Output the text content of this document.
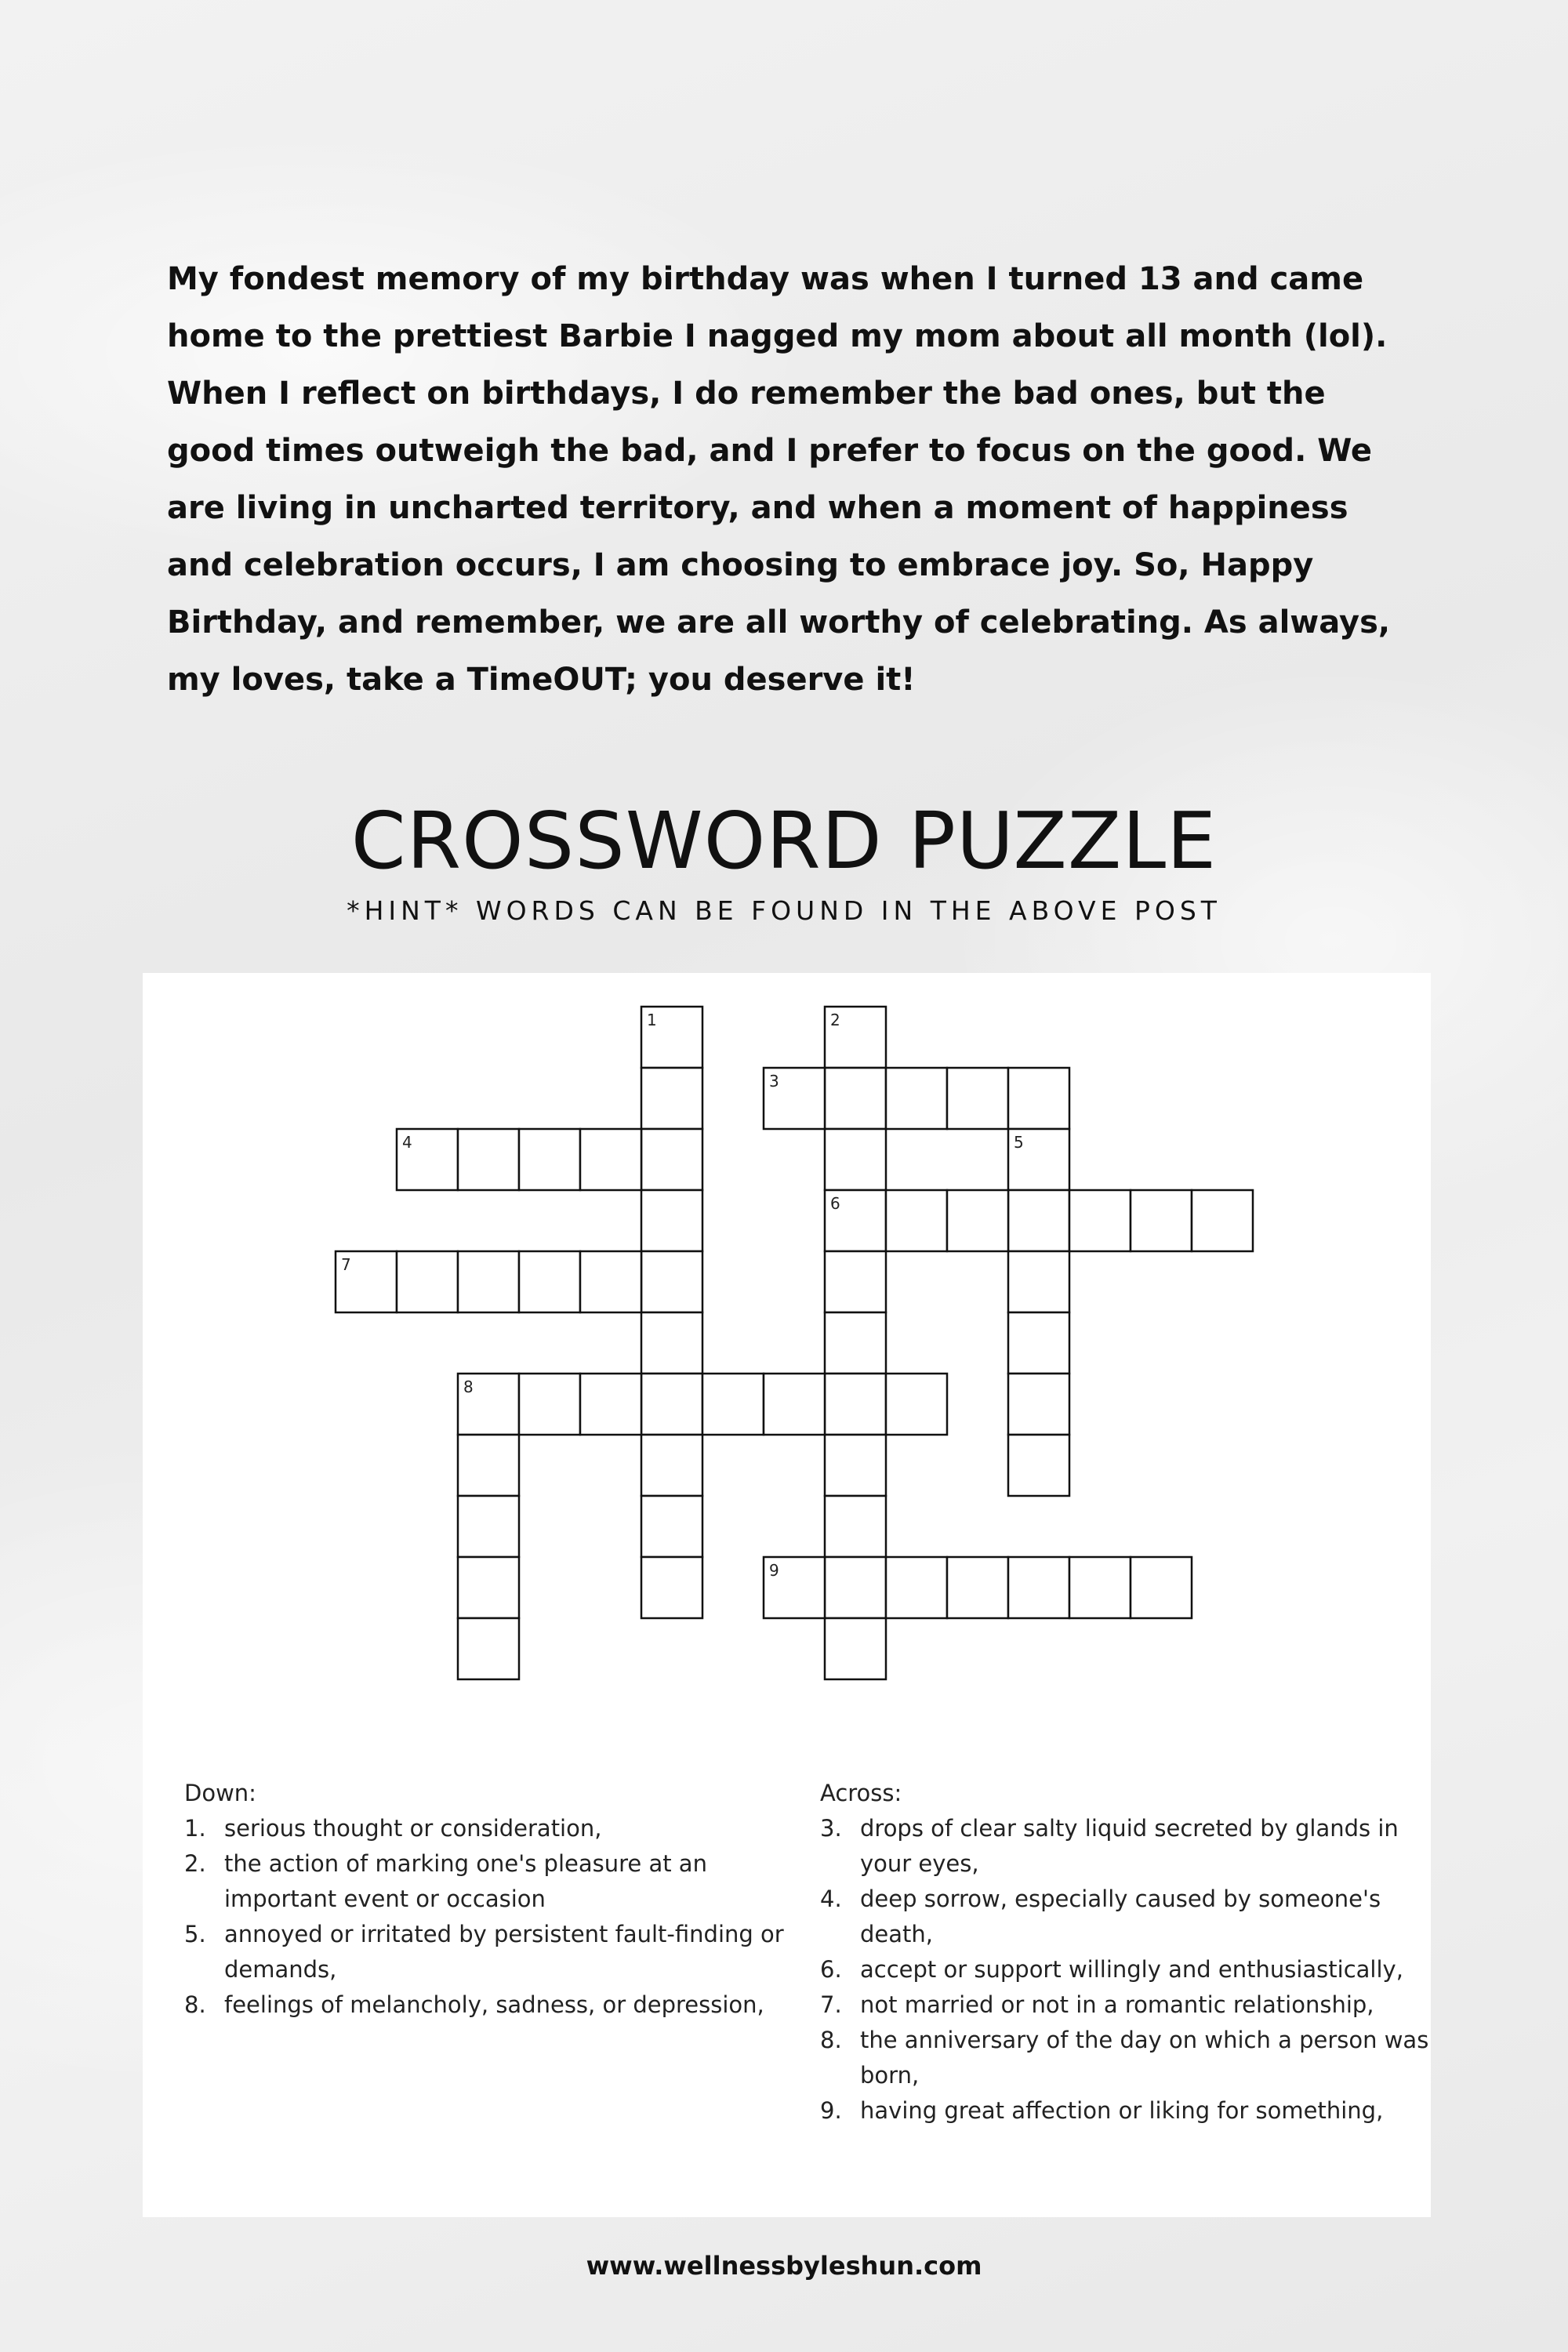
My fondest memory of my birthday was when I turned 13 and came home to the prettiest Barbie I nagged my mom about all month (lol). When I reflect on birthdays, I do remember the bad ones, but the good times outweigh the bad, and I prefer to focus on the good. We are living in uncharted territory, and when a moment of happiness and celebration occurs, I am choosing to embrace joy. So, Happy Birthday, and remember, we are all worthy of celebrating. As always, my loves, take a TimeOUT; you deserve it!

CROSSWORD PUZZLE
*HINT* WORDS CAN BE FOUND IN THE ABOVE POST
1	2
3
4	5
6
7
8
9
Down:
1. serious thought or consideration,
2. the action of marking one's pleasure at an important event or occasion
5. annoyed or irritated by persistent fault-finding or demands,
8. feelings of melancholy, sadness, or depression,
Across:
3. drops of clear salty liquid secreted by glands in your eyes,
4. deep sorrow, especially caused by someone's death,
6. accept or support willingly and enthusiastically,
7. not married or not in a romantic relationship,
8. the anniversary of the day on which a person was born,
9. having great affection or liking for something,
www.wellnessbyleshun.com
